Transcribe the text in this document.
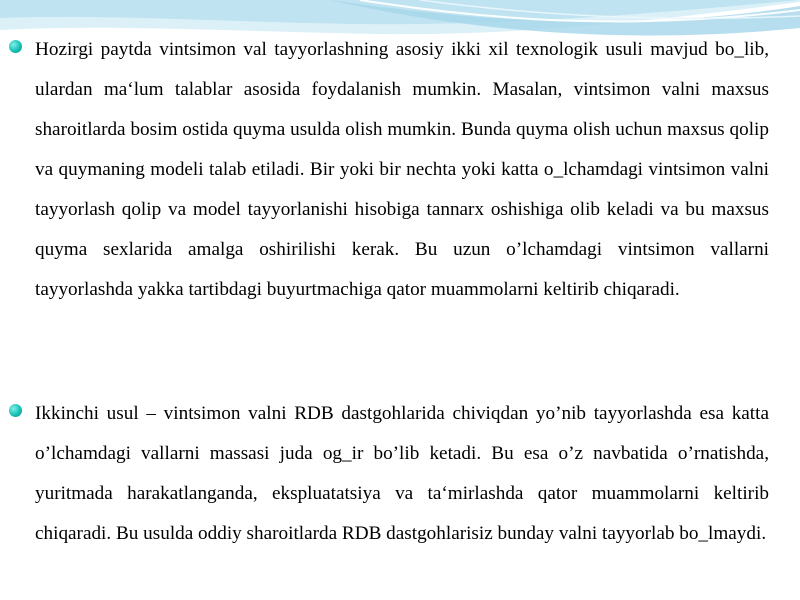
Hozirgi paytda vintsimon val tayyorlashning asosiy ikki xil texnologik usuli mavjud bo_lib, ulardan ma‘lum talablar asosida foydalanish mumkin. Masalan, vintsimon valni maxsus sharoitlarda bosim ostida quyma usulda olish mumkin. Bunda quyma olish uchun maxsus qolip va quymaning modeli talab etiladi. Bir yoki bir nechta yoki katta o_lchamdagi vintsimon valni tayyorlash qolip va model tayyorlanishi hisobiga tannarx oshishiga olib keladi va bu maxsus quyma sexlarida amalga oshirilishi kerak. Bu uzun o’lchamdagi vintsimon vallarni tayyorlashda yakka tartibdagi buyurtmachiga qator muammolarni keltirib chiqaradi.

Ikkinchi usul – vintsimon valni RDB dastgohlarida chiviqdan yo’nib tayyorlashda esa katta o’lchamdagi vallarni massasi juda og_ir bo’lib ketadi. Bu esa o’z navbatida o’rnatishda, yuritmada harakatlanganda, ekspluatatsiya va ta‘mirlashda qator muammolarni keltirib chiqaradi. Bu usulda oddiy sharoitlarda RDB dastgohlarisiz bunday valni tayyorlab bo_lmaydi.
